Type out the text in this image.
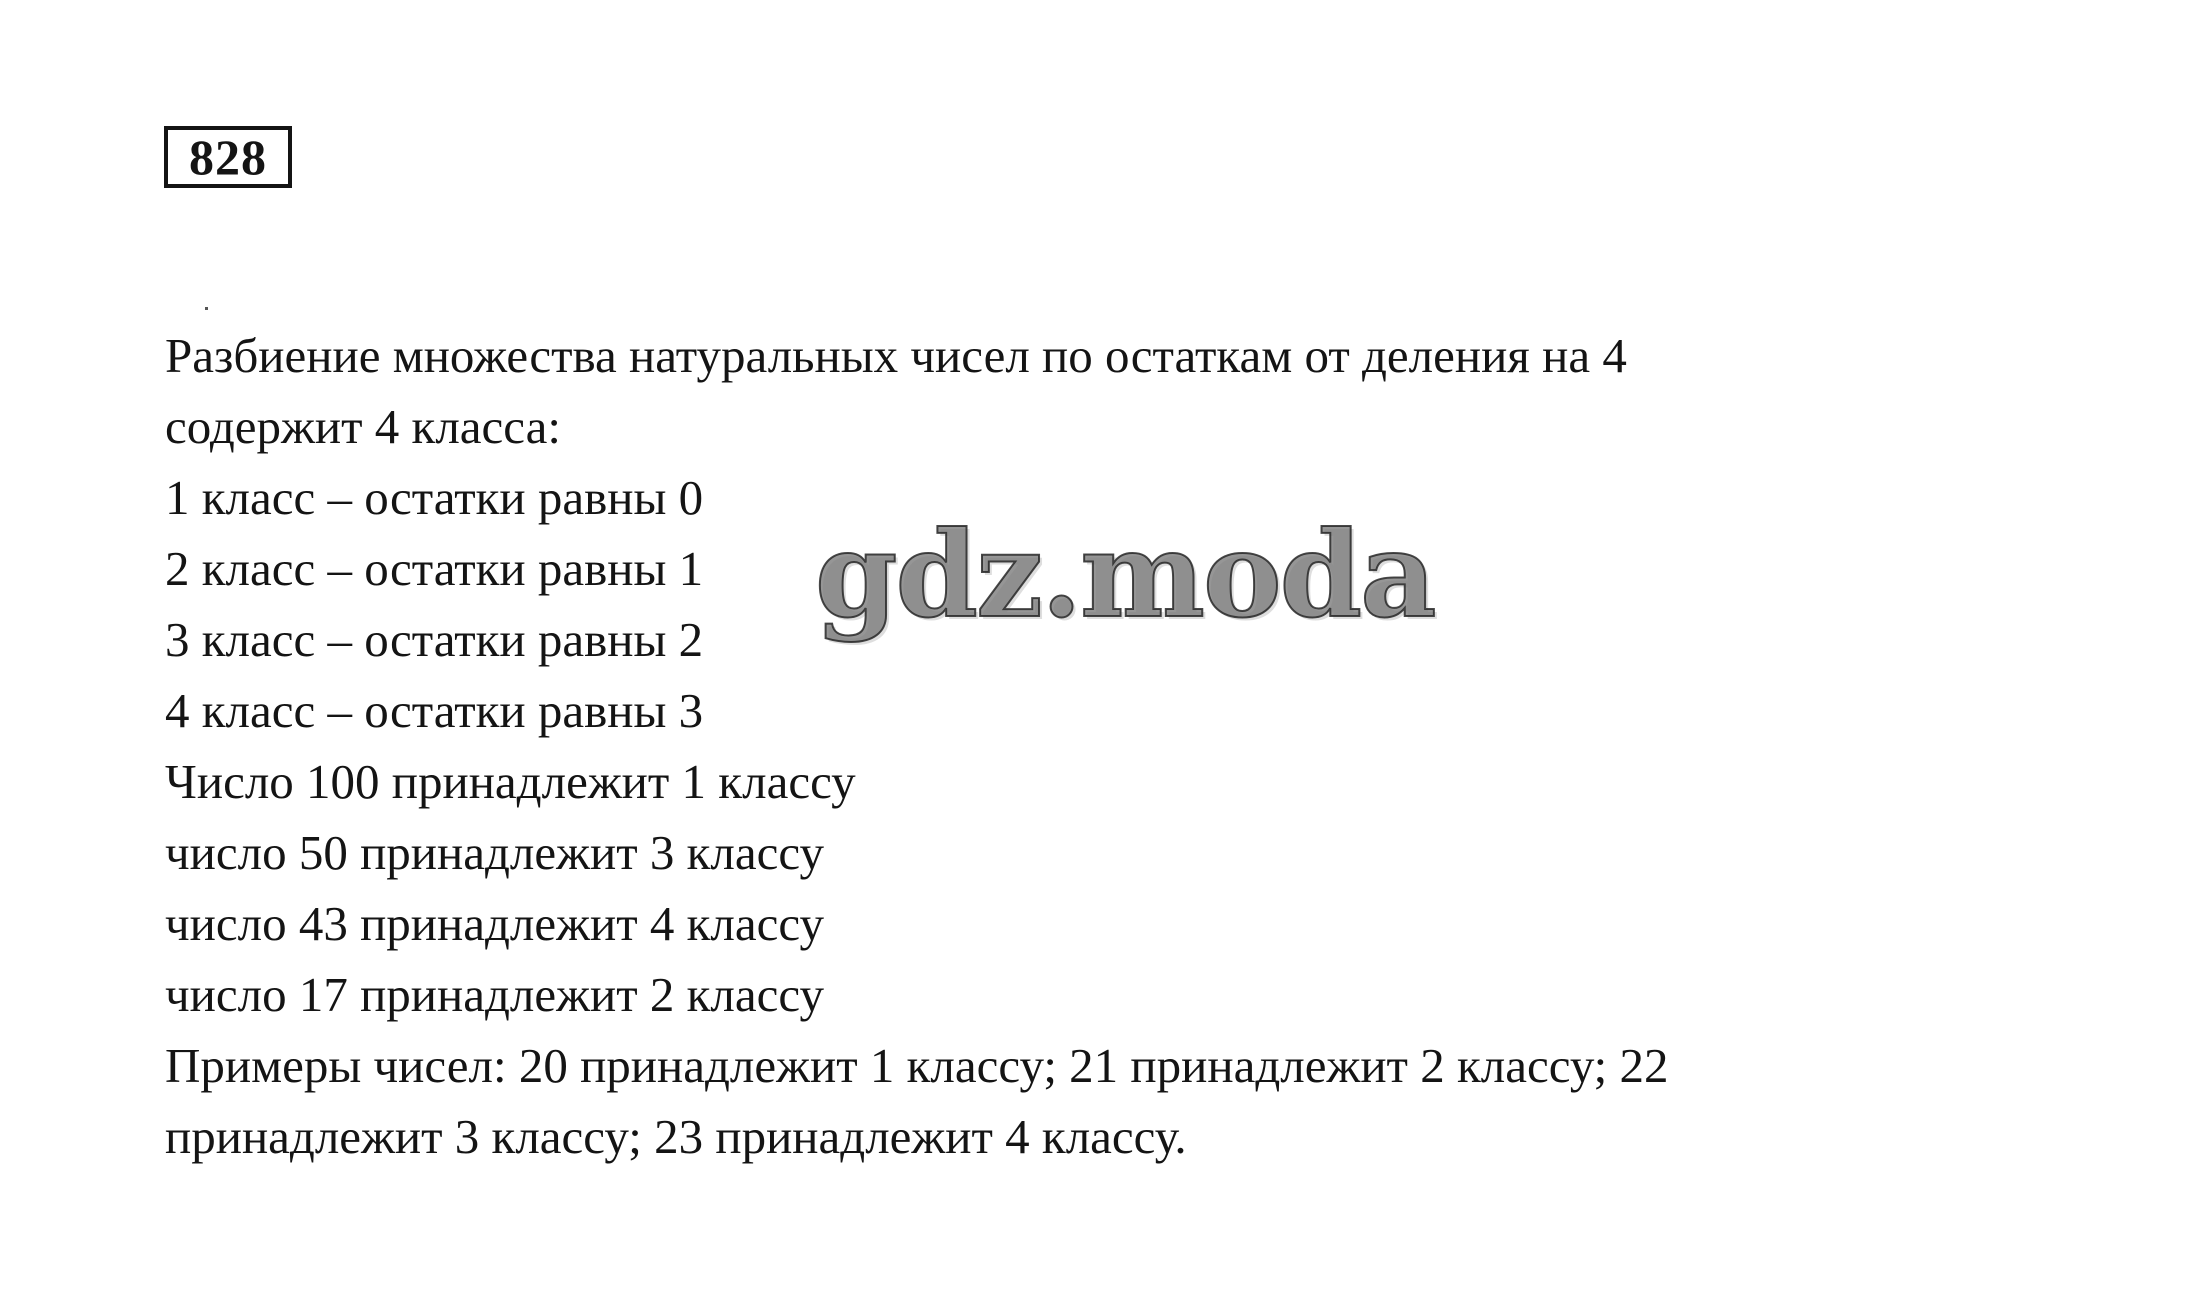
828
Разбиение множества натуральных чисел по остаткам от деления на 4
содержит 4 класса:
1 класс – остатки равны 0
2 класс – остатки равны 1
3 класс – остатки равны 2
4 класс – остатки равны 3
Число 100 принадлежит 1 классу
число 50 принадлежит 3 классу
число 43 принадлежит 4 классу
число 17 принадлежит 2 классу
Примеры чисел: 20 принадлежит 1 классу; 21 принадлежит 2 классу; 22
принадлежит 3 классу; 23 принадлежит 4 классу.
gdz.moda
